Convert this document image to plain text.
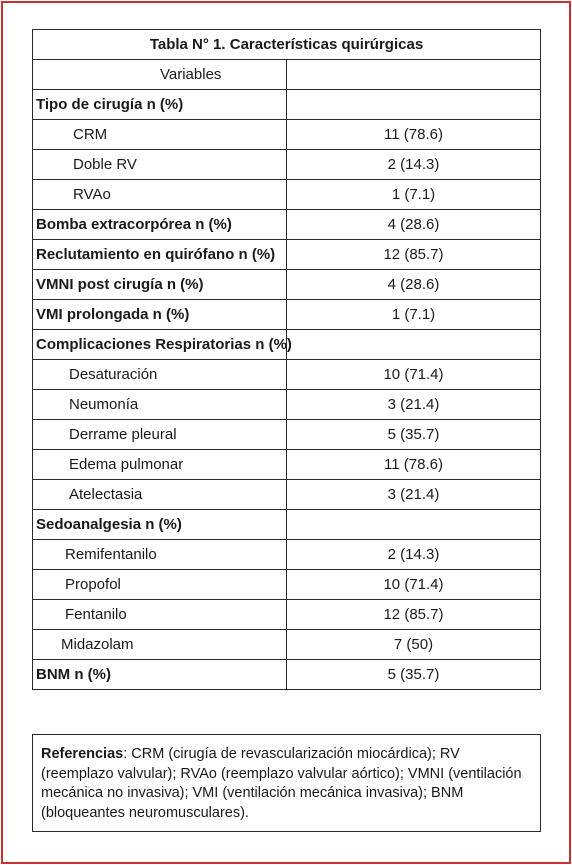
Tabla N° 1. Características quirúrgicas	
Variables	
Tipo de cirugía n (%)	
CRM	11 (78.6)
Doble RV	2 (14.3)
RVAo	1 (7.1)
Bomba extracorpórea n (%)	4 (28.6)
Reclutamiento en quirófano n (%)	12 (85.7)
VMNI post cirugía n (%)	4 (28.6)
VMI prolongada n (%)	1 (7.1)
Complicaciones Respiratorias n (%)	
Desaturación	10 (71.4)
Neumonía	3 (21.4)
Derrame pleural	5 (35.7)
Edema pulmonar	11 (78.6)
Atelectasia	3 (21.4)
Sedoanalgesia n (%)	
Remifentanilo	2 (14.3)
Propofol	10 (71.4)
Fentanilo	12 (85.7)
Midazolam	7 (50)
BNM n (%)	5 (35.7)
Referencias: CRM (cirugía de revascularización miocárdica); RV (reemplazo valvular); RVAo (reemplazo valvular aórtico); VMNI (ventilación mecánica no invasiva); VMI (ventilación mecánica invasiva); BNM (bloqueantes neuromusculares).
